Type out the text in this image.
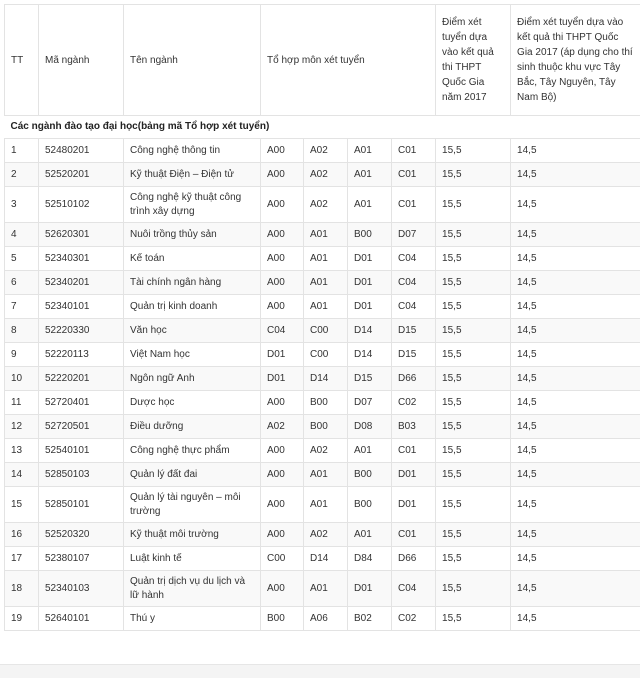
TT	Mã ngành	Tên ngành	Tổ hợp môn xét tuyển				Điểm xét tuyển dựa vào kết quả thi THPT Quốc Gia năm 2017	Điểm xét tuyển dựa vào kết quả thi THPT Quốc Gia 2017 (áp dụng cho thí sinh thuộc khu vực Tây Bắc, Tây Nguyên, Tây Nam Bộ)
Các ngành đào tạo đại học(bảng mã Tổ hợp xét tuyển)								
1	52480201	Công nghệ thông tin	A00	A02	A01	C01	15,5	14,5
2	52520201	Kỹ thuật Điện – Điện tử	A00	A02	A01	C01	15,5	14,5
3	52510102	Công nghệ kỹ thuật công trình xây dựng	A00	A02	A01	C01	15,5	14,5
4	52620301	Nuôi trồng thủy sản	A00	A01	B00	D07	15,5	14,5
5	52340301	Kế toán	A00	A01	D01	C04	15,5	14,5
6	52340201	Tài chính ngân hàng	A00	A01	D01	C04	15,5	14,5
7	52340101	Quản trị kinh doanh	A00	A01	D01	C04	15,5	14,5
8	52220330	Văn học	C04	C00	D14	D15	15,5	14,5
9	52220113	Việt Nam học	D01	C00	D14	D15	15,5	14,5
10	52220201	Ngôn ngữ Anh	D01	D14	D15	D66	15,5	14,5
11	52720401	Dược học	A00	B00	D07	C02	15,5	14,5
12	52720501	Điều dưỡng	A02	B00	D08	B03	15,5	14,5
13	52540101	Công nghệ thực phẩm	A00	A02	A01	C01	15,5	14,5
14	52850103	Quản lý đất đai	A00	A01	B00	D01	15,5	14,5
15	52850101	Quản lý tài nguyên – môi trường	A00	A01	B00	D01	15,5	14,5
16	52520320	Kỹ thuật môi trường	A00	A02	A01	C01	15,5	14,5
17	52380107	Luật kinh tế	C00	D14	D84	D66	15,5	14,5
18	52340103	Quản trị dịch vụ du lịch và lữ hành	A00	A01	D01	C04	15,5	14,5
19	52640101	Thú y	B00	A06	B02	C02	15,5	14,5
